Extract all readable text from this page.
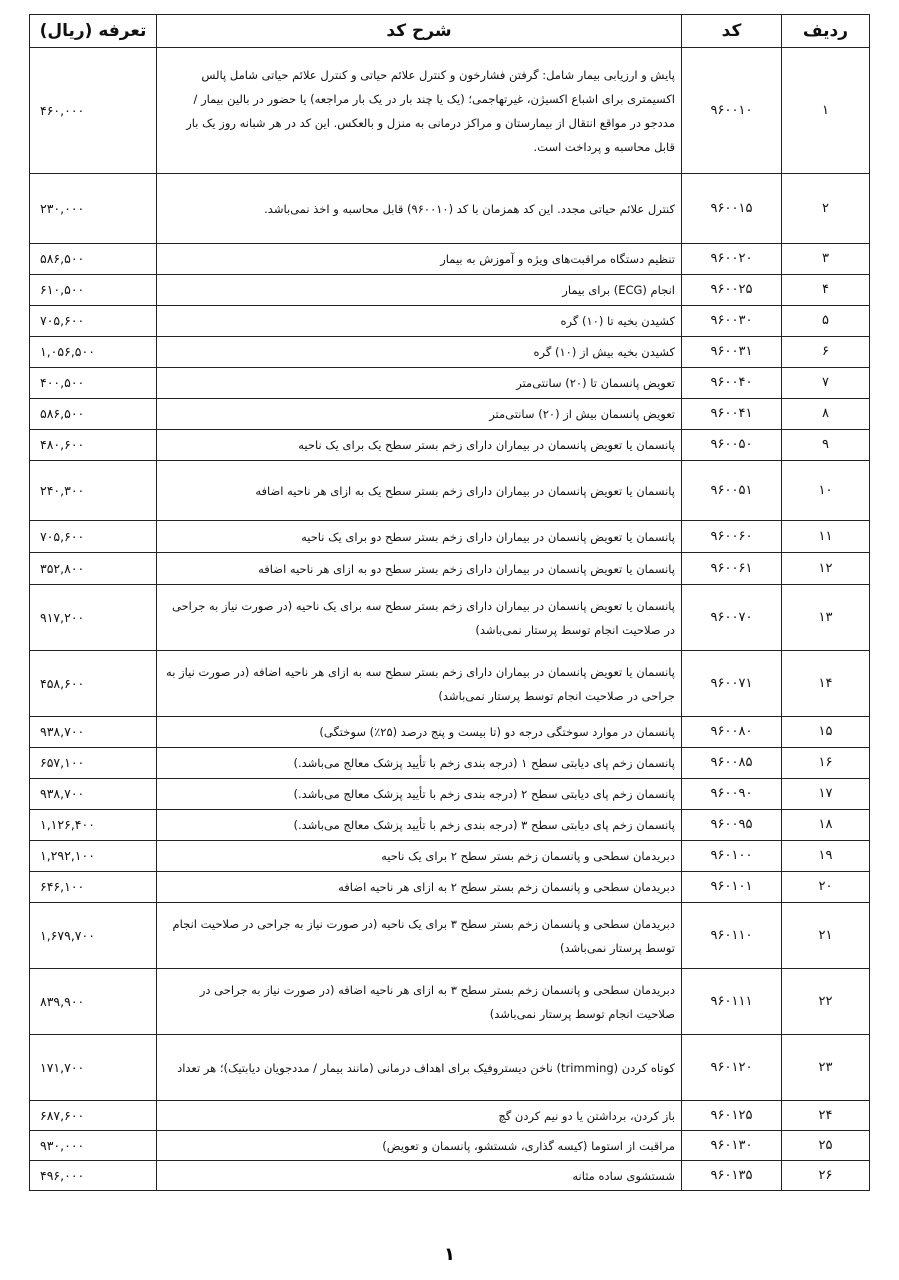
ردیف	کد	شرح کد	تعرفه (ریال)
۱	۹۶۰۰۱۰	پایش و ارزیابی بیمار شامل: گرفتن فشارخون و کنترل علائم حیاتی و کنترل علائم حیاتی شامل پالس اکسیمتری برای اشباع اکسیژن، غیرتهاجمی؛ (یک یا چند بار در یک بار مراجعه) یا حضور در بالین بیمار / مددجو در مواقع انتقال از بیمارستان و مراکز درمانی به منزل و بالعکس. این کد در هر شبانه روز یک بار قابل محاسبه و پرداخت است.	۴۶۰,۰۰۰
۲	۹۶۰۰۱۵	کنترل علائم حیاتی مجدد. این کد همزمان با کد (۹۶۰۰۱۰) قابل محاسبه و اخذ نمی‌باشد.	۲۳۰,۰۰۰
۳	۹۶۰۰۲۰	تنظیم دستگاه مراقبت‌های ویژه و آموزش به بیمار	۵۸۶,۵۰۰
۴	۹۶۰۰۲۵	انجام (ECG) برای بیمار	۶۱۰,۵۰۰
۵	۹۶۰۰۳۰	کشیدن بخیه تا (۱۰) گره	۷۰۵,۶۰۰
۶	۹۶۰۰۳۱	کشیدن بخیه بیش از (۱۰) گره	۱,۰۵۶,۵۰۰
۷	۹۶۰۰۴۰	تعویض پانسمان تا (۲۰) سانتی‌متر	۴۰۰,۵۰۰
۸	۹۶۰۰۴۱	تعویض پانسمان بیش از (۲۰) سانتی‌متر	۵۸۶,۵۰۰
۹	۹۶۰۰۵۰	پانسمان یا تعویض پانسمان در بیماران دارای زخم بستر سطح یک برای یک ناحیه	۴۸۰,۶۰۰
۱۰	۹۶۰۰۵۱	پانسمان یا تعویض پانسمان در بیماران دارای زخم بستر سطح یک به ازای هر ناحیه اضافه	۲۴۰,۳۰۰
۱۱	۹۶۰۰۶۰	پانسمان یا تعویض پانسمان در بیماران دارای زخم بستر سطح دو برای یک ناحیه	۷۰۵,۶۰۰
۱۲	۹۶۰۰۶۱	پانسمان یا تعویض پانسمان در بیماران دارای زخم بستر سطح دو به ازای هر ناحیه اضافه	۳۵۲,۸۰۰
۱۳	۹۶۰۰۷۰	پانسمان یا تعویض پانسمان در بیماران دارای زخم بستر سطح سه برای یک ناحیه (در صورت نیاز به جراحی در صلاحیت انجام توسط پرستار نمی‌باشد)	۹۱۷,۲۰۰
۱۴	۹۶۰۰۷۱	پانسمان یا تعویض پانسمان در بیماران دارای زخم بستر سطح سه به ازای هر ناحیه اضافه (در صورت نیاز به جراحی در صلاحیت انجام توسط پرستار نمی‌باشد)	۴۵۸,۶۰۰
۱۵	۹۶۰۰۸۰	پانسمان در موارد سوختگی درجه دو (تا بیست و پنج درصد (۲۵٪) سوختگی)	۹۳۸,۷۰۰
۱۶	۹۶۰۰۸۵	پانسمان زخم پای دیابتی سطح ۱ (درجه بندی زخم با تأیید پزشک معالج می‌باشد.)	۶۵۷,۱۰۰
۱۷	۹۶۰۰۹۰	پانسمان زخم پای دیابتی سطح ۲ (درجه بندی زخم با تأیید پزشک معالج می‌باشد.)	۹۳۸,۷۰۰
۱۸	۹۶۰۰۹۵	پانسمان زخم پای دیابتی سطح ۳ (درجه بندی زخم با تأیید پزشک معالج می‌باشد.)	۱,۱۲۶,۴۰۰
۱۹	۹۶۰۱۰۰	دبریدمان سطحی و پانسمان زخم بستر سطح ۲ برای یک ناحیه	۱,۲۹۲,۱۰۰
۲۰	۹۶۰۱۰۱	دبریدمان سطحی و پانسمان زخم بستر سطح ۲ به ازای هر ناحیه اضافه	۶۴۶,۱۰۰
۲۱	۹۶۰۱۱۰	دبریدمان سطحی و پانسمان زخم بستر سطح ۳ برای یک ناحیه (در صورت نیاز به جراحی در صلاحیت انجام توسط پرستار نمی‌باشد)	۱,۶۷۹,۷۰۰
۲۲	۹۶۰۱۱۱	دبریدمان سطحی و پانسمان زخم بستر سطح ۳ به ازای هر ناحیه اضافه (در صورت نیاز به جراحی در صلاحیت انجام توسط پرستار نمی‌باشد)	۸۳۹,۹۰۰
۲۳	۹۶۰۱۲۰	کوتاه کردن (trimming) ناخن دیستروفیک برای اهداف درمانی (مانند بیمار / مددجویان دیابتیک)؛ هر تعداد	۱۷۱,۷۰۰
۲۴	۹۶۰۱۲۵	باز کردن، برداشتن یا دو نیم کردن گچ	۶۸۷,۶۰۰
۲۵	۹۶۰۱۳۰	مراقبت از استوما (کیسه گذاری، شستشو، پانسمان و تعویض)	۹۳۰,۰۰۰
۲۶	۹۶۰۱۳۵	شستشوی ساده مثانه	۴۹۶,۰۰۰
۱
